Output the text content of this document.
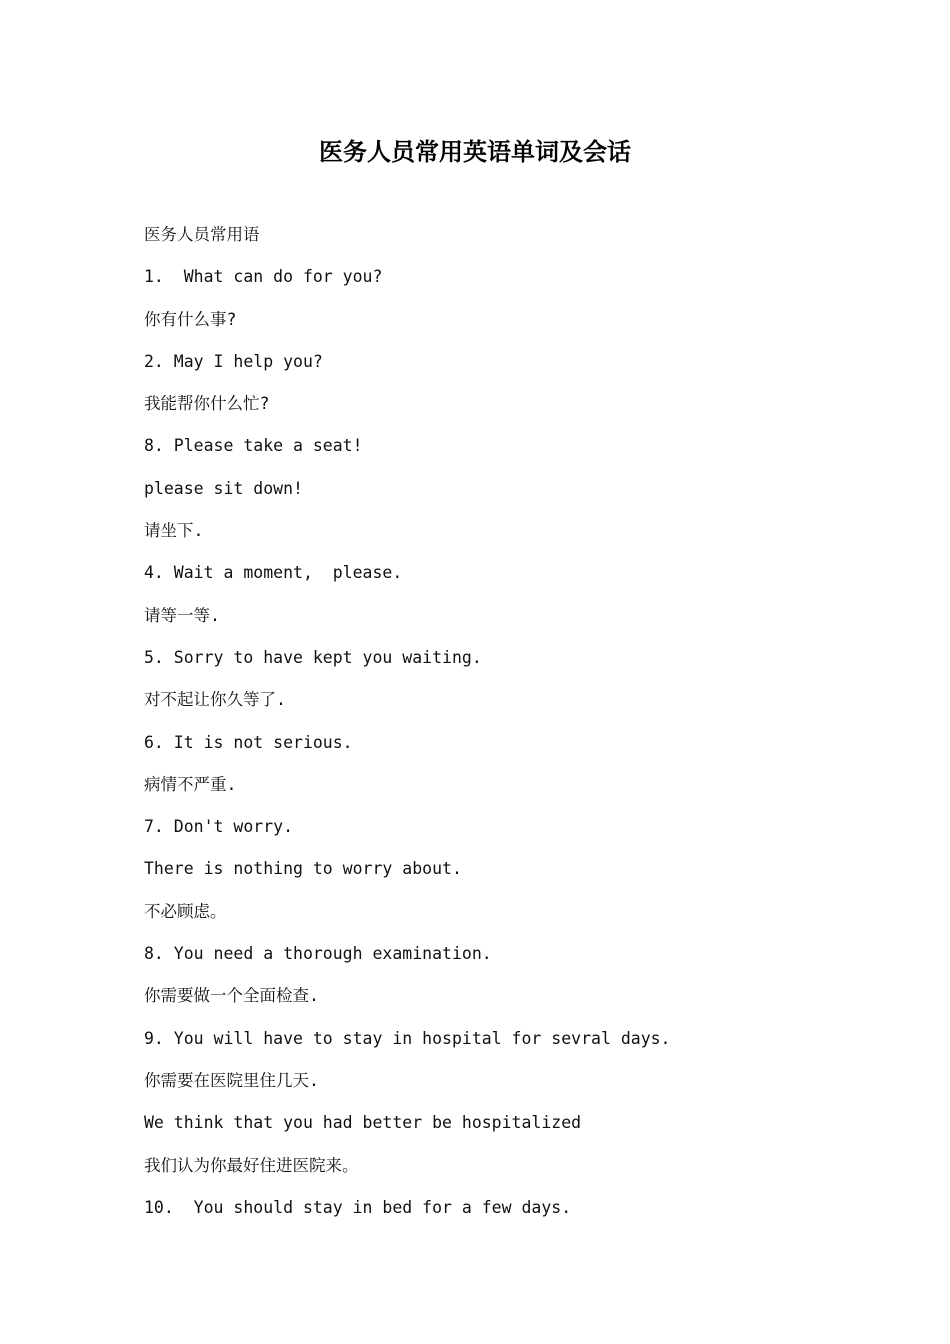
医务人员常用英语单词及会话
医务人员常用语
1.  What can do for you?
你有什么事?
2. May I help you?
我能帮你什么忙?
8. Please take a seat!
please sit down!
请坐下.
4. Wait a moment,  please.
请等一等.
5. Sorry to have kept you waiting.
对不起让你久等了.
6. It is not serious.
病情不严重.
7. Don't worry.
There is nothing to worry about.
不必顾虑。
8. You need a thorough examination.
你需要做一个全面检查.
9. You will have to stay in hospital for sevral days.
你需要在医院里住几天.
We think that you had better be hospitalized
我们认为你最好住进医院来。
10.  You should stay in bed for a few days.
